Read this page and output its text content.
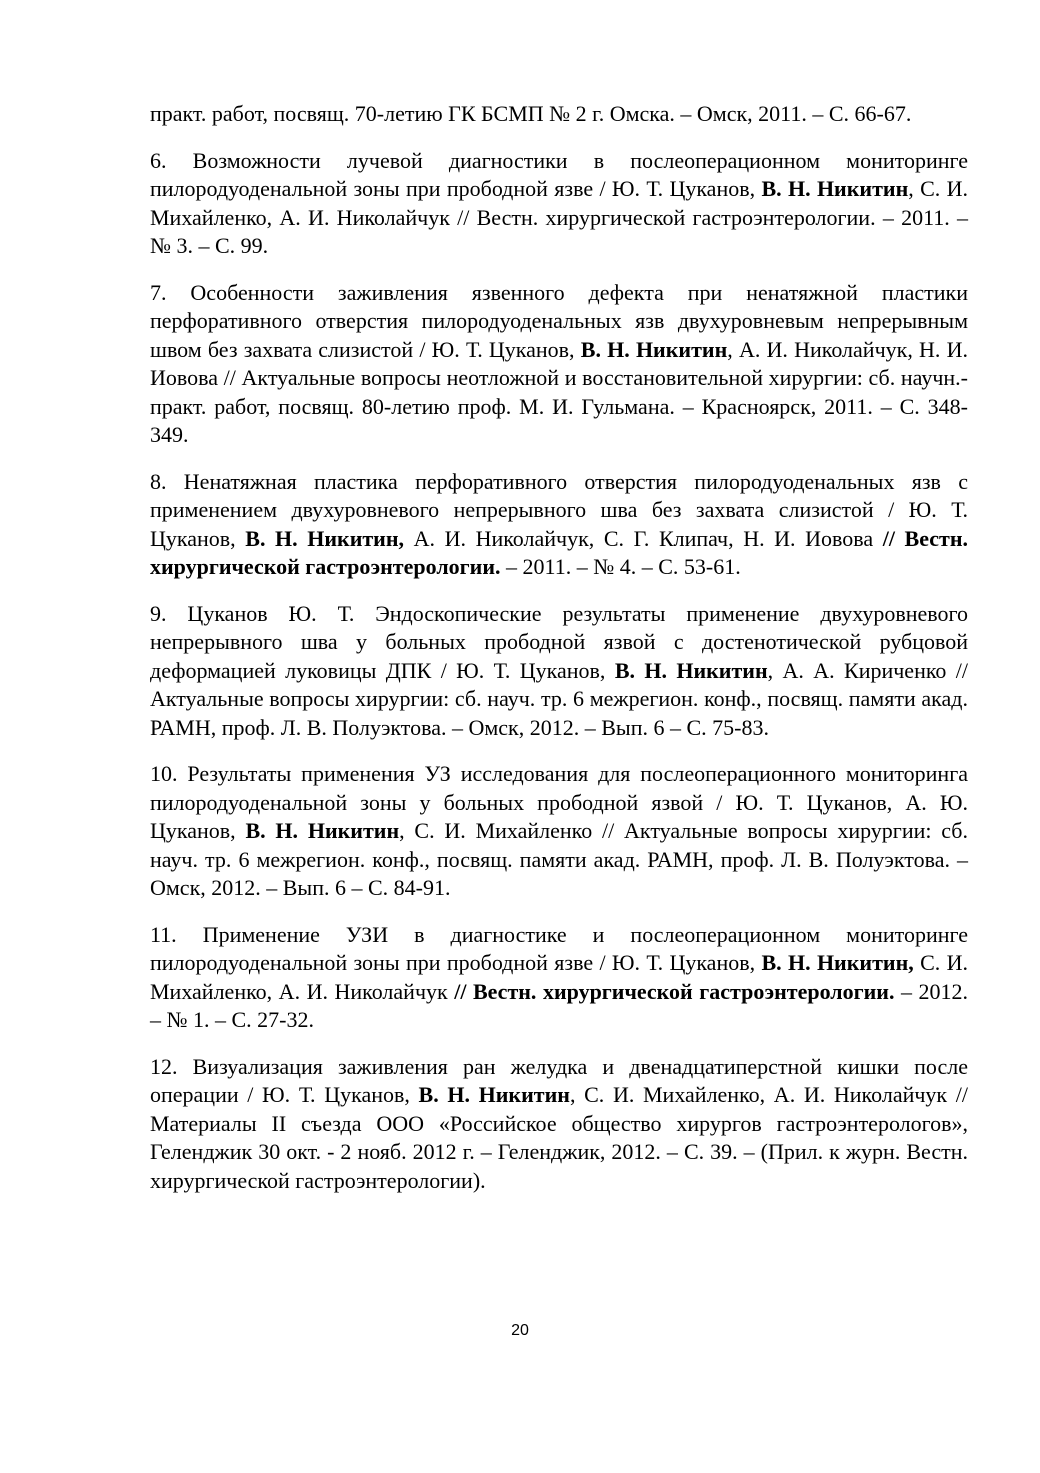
практ. работ, посвящ. 70-летию ГК БСМП № 2 г. Омска. – Омск, 2011. – С. 66-67.

6. Возможности лучевой диагностики в послеоперационном мониторинге пилородуоденальной зоны при прободной язве / Ю. Т. Цуканов, В. Н. Никитин, С. И. Михайленко, А. И. Николайчук // Вестн. хирургической гастроэнтерологии. – 2011. – № 3. – С. 99.

7. Особенности заживления язвенного дефекта при ненатяжной пластики перфоративного отверстия пилородуоденальных язв двухуровневым непрерывным швом без захвата слизистой / Ю. Т. Цуканов, В. Н. Никитин, А. И. Николайчук, Н. И. Иовова // Актуальные вопросы неотложной и восстановительной хирургии: сб. научн.-практ. работ, посвящ. 80-летию проф. М. И. Гульмана. – Красноярск, 2011. – С. 348-349.

8. Ненатяжная пластика перфоративного отверстия пилородуоденальных язв с применением двухуровневого непрерывного шва без захвата слизистой / Ю. Т. Цуканов, В. Н. Никитин, А. И. Николайчук, С. Г. Клипач, Н. И. Иовова // Вестн. хирургической гастроэнтерологии. – 2011. – № 4. – С. 53-61.

9. Цуканов Ю. Т. Эндоскопические результаты применение двухуровневого непрерывного шва у больных прободной язвой с достенотической рубцовой деформацией луковицы ДПК / Ю. Т. Цуканов, В. Н. Никитин, А. А. Кириченко // Актуальные вопросы хирургии: сб. науч. тр. 6 межрегион. конф., посвящ. памяти акад. РАМН, проф. Л. В. Полуэктова. – Омск, 2012. – Вып. 6 – С. 75-83.

10. Результаты применения УЗ исследования для послеоперационного мониторинга пилородуоденальной зоны у больных прободной язвой / Ю. Т. Цуканов, А. Ю. Цуканов, В. Н. Никитин, С. И. Михайленко // Актуальные вопросы хирургии: сб. науч. тр. 6 межрегион. конф., посвящ. памяти акад. РАМН, проф. Л. В. Полуэктова. – Омск, 2012. – Вып. 6 – С. 84-91.

11. Применение УЗИ в диагностике и послеоперационном мониторинге пилородуоденальной зоны при прободной язве / Ю. Т. Цуканов, В. Н. Никитин, С. И. Михайленко, А. И. Николайчук // Вестн. хирургической гастроэнтерологии. – 2012. – № 1. – С. 27-32.

12. Визуализация заживления ран желудка и двенадцатиперстной кишки после операции / Ю. Т. Цуканов, В. Н. Никитин, С. И. Михайленко, А. И. Николайчук // Материалы II съезда ООО «Российское общество хирургов гастроэнтерологов», Геленджик 30 окт. - 2 нояб. 2012 г. – Геленджик, 2012. – С. 39. – (Прил. к журн. Вестн. хирургической гастроэнтерологии).

20
